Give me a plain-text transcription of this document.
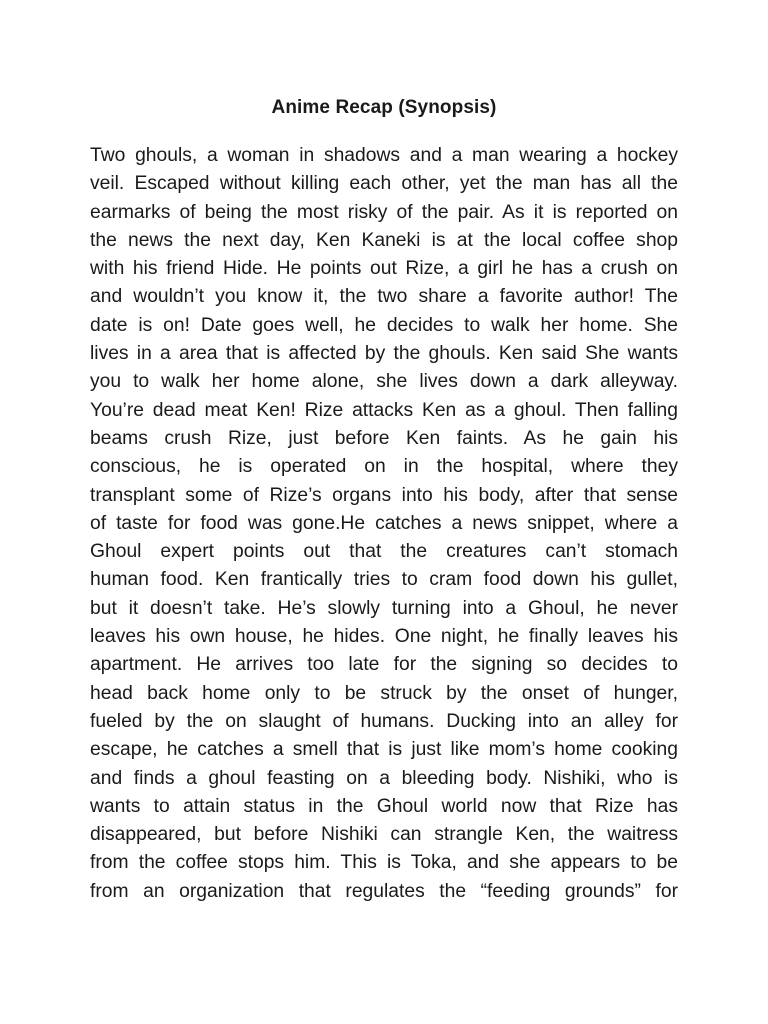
Anime Recap (Synopsis)
Two ghouls, a woman in shadows and a man wearing a hockey
veil. Escaped without killing each other, yet the man has all the
earmarks of being the most risky of the pair. As it is reported on
the news the next day, Ken Kaneki is at the local coffee shop
with his friend Hide. He points out Rize, a girl he has a crush on
and wouldn’t you know it, the two share a favorite author! The
date is on! Date goes well, he decides to walk her home. She
lives in a area that is affected by the ghouls. Ken said She wants
you to walk her home alone, she lives down a dark alleyway.
You’re dead meat Ken! Rize attacks Ken as a ghoul. Then falling
beams crush Rize, just before Ken faints. As he gain his
conscious, he is operated on in the hospital, where they
transplant some of Rize’s organs into his body, after that sense
of taste for food was gone.He catches a news snippet, where a
Ghoul expert points out that the creatures can’t stomach
human food. Ken frantically tries to cram food down his gullet,
but it doesn’t take. He’s slowly turning into a Ghoul, he never
leaves his own house, he hides. One night, he finally leaves his
apartment. He arrives too late for the signing so decides to
head back home only to be struck by the onset of hunger,
fueled by the on slaught of humans. Ducking into an alley for
escape, he catches a smell that is just like mom’s home cooking
and finds a ghoul feasting on a bleeding body. Nishiki, who is
wants to attain status in the Ghoul world now that Rize has
disappeared, but before Nishiki can strangle Ken, the waitress
from the coffee stops him. This is Toka, and she appears to be
from an organization that regulates the “feeding grounds” for
